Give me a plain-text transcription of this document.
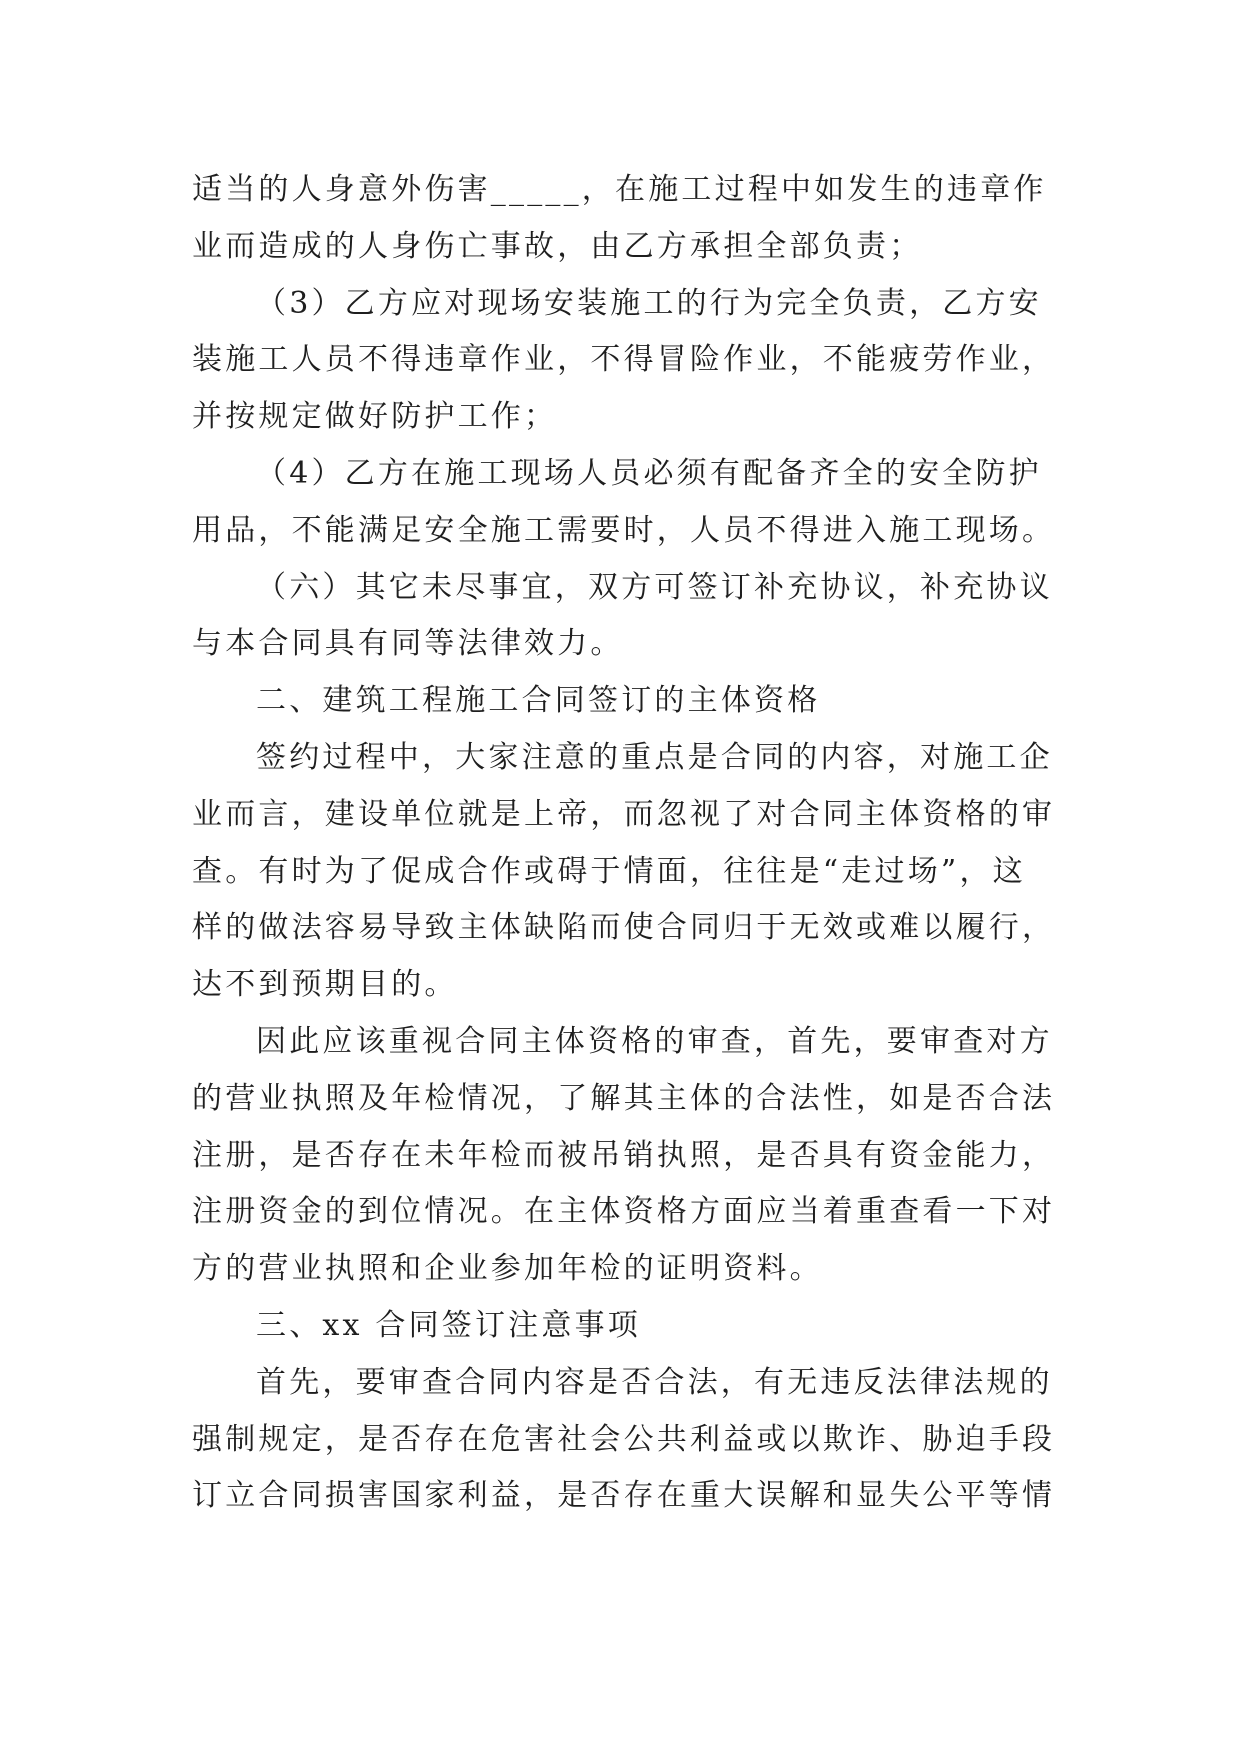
适当的人身意外伤害_____，在施工过程中如发生的违章作
业而造成的人身伤亡事故，由乙方承担全部负责；
（3）乙方应对现场安装施工的行为完全负责，乙方安
装施工人员不得违章作业，不得冒险作业，不能疲劳作业，
并按规定做好防护工作；
（4）乙方在施工现场人员必须有配备齐全的安全防护
用品，不能满足安全施工需要时，人员不得进入施工现场。
（六）其它未尽事宜，双方可签订补充协议，补充协议
与本合同具有同等法律效力。
二、建筑工程施工合同签订的主体资格
签约过程中，大家注意的重点是合同的内容，对施工企
业而言，建设单位就是上帝，而忽视了对合同主体资格的审
查。有时为了促成合作或碍于情面，往往是“走过场”，这
样的做法容易导致主体缺陷而使合同归于无效或难以履行，
达不到预期目的。
因此应该重视合同主体资格的审查，首先，要审查对方
的营业执照及年检情况，了解其主体的合法性，如是否合法
注册，是否存在未年检而被吊销执照，是否具有资金能力，
注册资金的到位情况。在主体资格方面应当着重查看一下对
方的营业执照和企业参加年检的证明资料。
三、xx 合同签订注意事项
首先，要审查合同内容是否合法，有无违反法律法规的
强制规定，是否存在危害社会公共利益或以欺诈、胁迫手段
订立合同损害国家利益，是否存在重大误解和显失公平等情
